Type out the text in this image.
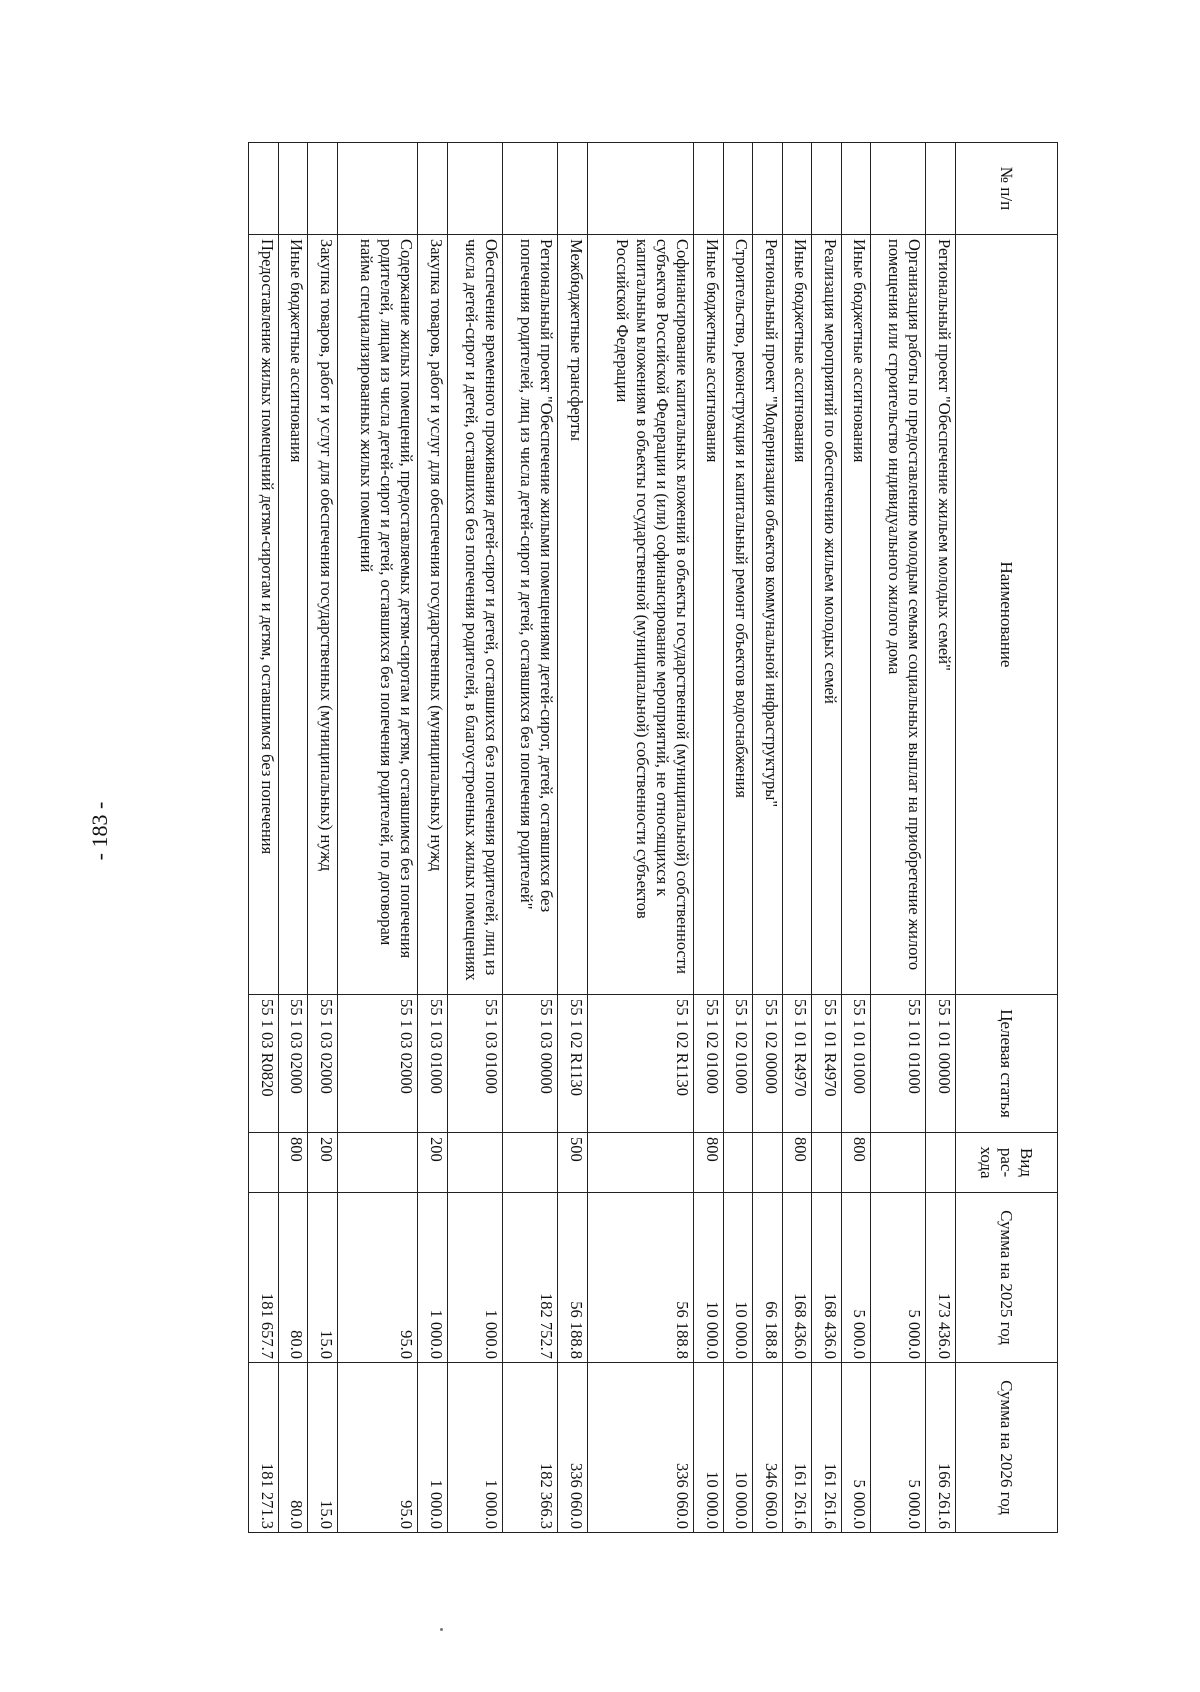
- 183 -
№ п/п	Наименование	Целевая статья	Вид рас-хода	Сумма на 2025 год	Сумма на 2026 год
	Региональный проект "Обеспечение жильем молодых семей"	55 1 01 00000		173 436.0	166 261.6
	Организация работы по предоставлению молодым семьям социальных выплат на приобретение жилого помещения или строительство индивидуального жилого дома	55 1 01 01000		5 000.0	5 000.0
	Иные бюджетные ассигнования	55 1 01 01000	800	5 000.0	5 000.0
	Реализация мероприятий по обеспечению жильем молодых семей	55 1 01 R4970		168 436.0	161 261.6
	Иные бюджетные ассигнования	55 1 01 R4970	800	168 436.0	161 261.6
	Региональный проект "Модернизация объектов коммунальной инфраструктуры"	55 1 02 00000		66 188.8	346 060.0
	Строительство, реконструкция и капитальный ремонт объектов водоснабжения	55 1 02 01000		10 000.0	10 000.0
	Иные бюджетные ассигнования	55 1 02 01000	800	10 000.0	10 000.0
	Софинансирование капитальных вложений в объекты государственной (муниципальной) собственности субъектов Российской Федерации и (или) софинансирование мероприятий, не относящихся к капитальным вложениям в объекты государственной (муниципальной) собственности субъектов Российской Федерации	55 1 02 R1130		56 188.8	336 060.0
	Межбюджетные трансферты	55 1 02 R1130	500	56 188.8	336 060.0
	Региональный проект "Обеспечение жилыми помещениями детей-сирот, детей, оставшихся без попечения родителей, лиц из числа детей-сирот и детей, оставшихся без попечения родителей"	55 1 03 00000		182 752.7	182 366.3
	Обеспечение временного проживания детей-сирот и детей, оставшихся без попечения родителей, лиц из числа детей-сирот и детей, оставшихся без попечения родителей, в благоустроенных жилых помещениях	55 1 03 01000		1 000.0	1 000.0
	Закупка товаров, работ и услуг для обеспечения государственных (муниципальных) нужд	55 1 03 01000	200	1 000.0	1 000.0
	Содержание жилых помещений, предоставляемых детям-сиротам и детям, оставшимся без попечения родителей, лицам из числа детей-сирот и детей, оставшихся без попечения родителей, по договорам найма специализированных жилых помещений	55 1 03 02000		95.0	95.0
	Закупка товаров, работ и услуг для обеспечения государственных (муниципальных) нужд	55 1 03 02000	200	15.0	15.0
	Иные бюджетные ассигнования	55 1 03 02000	800	80.0	80.0
	Предоставление жилых помещений детям-сиротам и детям, оставшимся без попечения	55 1 03 R0820		181 657.7	181 271.3
